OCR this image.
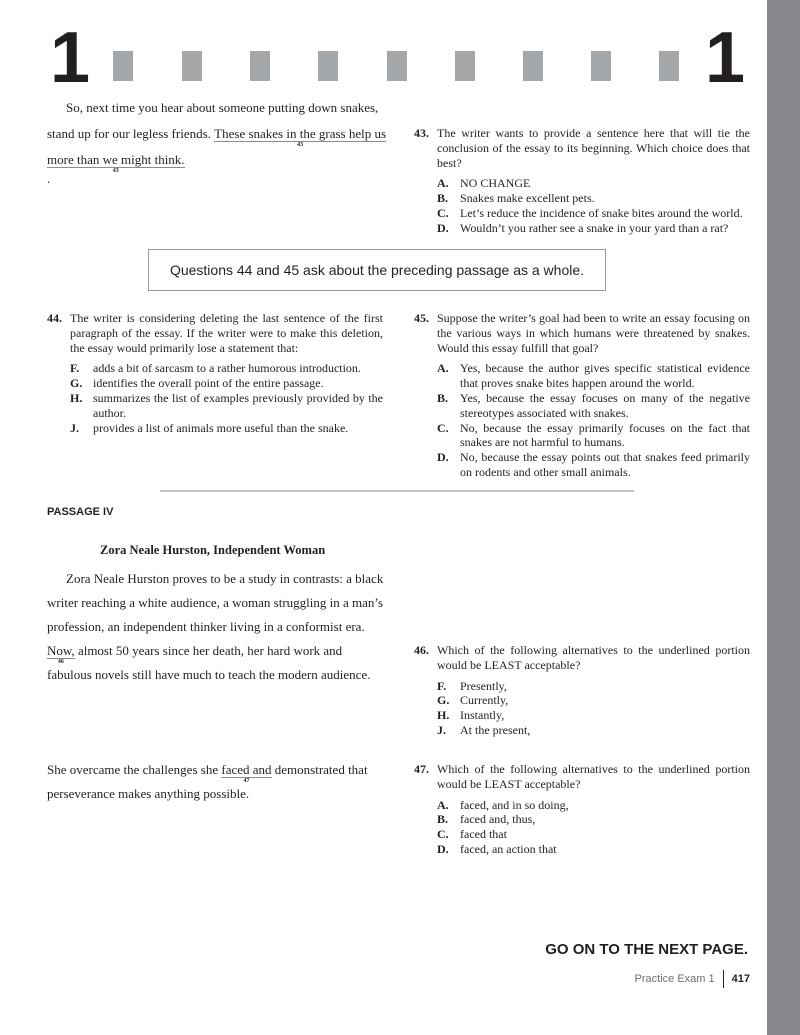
1	1

So, next time you hear about someone putting down snakes,

stand up for our legless friends. These snakes in the grass help us
43

more than we might think.
43

.

43. The writer wants to provide a sentence here that will tie the conclusion of the essay to its beginning. Which choice does that best?
A. NO CHANGE
B. Snakes make excellent pets.
C. Let’s reduce the incidence of snake bites around the world.
D. Wouldn’t you rather see a snake in your yard than a rat?
Questions 44 and 45 ask about the preceding passage as a whole.
44. The writer is considering deleting the last sentence of the first paragraph of the essay. If the writer were to make this deletion, the essay would primarily lose a statement that:
F.	adds a bit of sarcasm to a rather humorous introduction.
G. identifies the overall point of the entire passage.
H. summarizes the list of examples previously provided by the author.
J.	provides a list of animals more useful than the snake.
45. Suppose the writer’s goal had been to write an essay focusing on the various ways in which humans were threatened by snakes. Would this essay fulfill that goal?
A. Yes, because the author gives specific statistical evidence that proves snake bites happen around the world.
B. Yes, because the essay focuses on many of the negative stereotypes associated with snakes.
C. No, because the essay primarily focuses on the fact that snakes are not harmful to humans.
D. No, because the essay points out that snakes feed primarily on rodents and other small animals.
PASSAGE IV
Zora Neale Hurston, Independent Woman

Zora Neale Hurston proves to be a study in contrasts: a black

writer reaching a white audience, a woman struggling in a man’s

profession, an independent thinker living in a conformist era.

Now,
46
almost 50 years since her death, her hard work and

fabulous novels still have much to teach the modern audience.

46. Which of the following alternatives to the underlined portion would be LEAST acceptable?
F.	Presently,
G. Currently,
H. Instantly,
J.	At the present,

She overcame the challenges she faced and
47
demonstrated that

perseverance makes anything possible.

47. Which of the following alternatives to the underlined portion would be LEAST acceptable?
A. faced, and in so doing,
B. faced and, thus,
C. faced that
D. faced, an action that
GO ON TO THE NEXT PAGE.
Practice Exam 1 417
